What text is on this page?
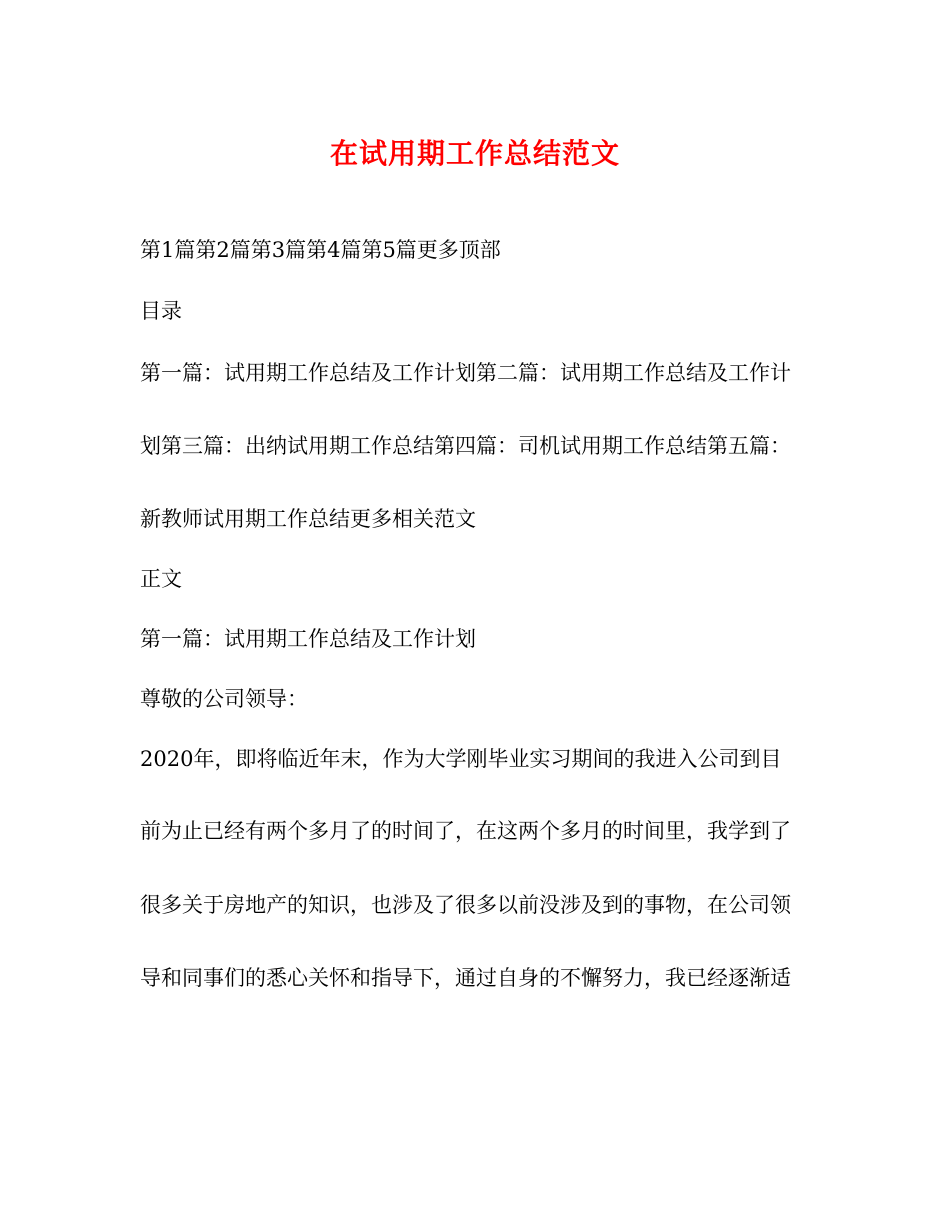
在试用期工作总结范文
第1篇第2篇第3篇第4篇第5篇更多顶部
目录
第一篇：试用期工作总结及工作计划第二篇：试用期工作总结及工作计
划第三篇：出纳试用期工作总结第四篇：司机试用期工作总结第五篇：
新教师试用期工作总结更多相关范文
正文
第一篇：试用期工作总结及工作计划
尊敬的公司领导：
2020年，即将临近年末，作为大学刚毕业实习期间的我进入公司到目
前为止已经有两个多月了的时间了，在这两个多月的时间里，我学到了
很多关于房地产的知识，也涉及了很多以前没涉及到的事物，在公司领
导和同事们的悉心关怀和指导下，通过自身的不懈努力，我已经逐渐适
